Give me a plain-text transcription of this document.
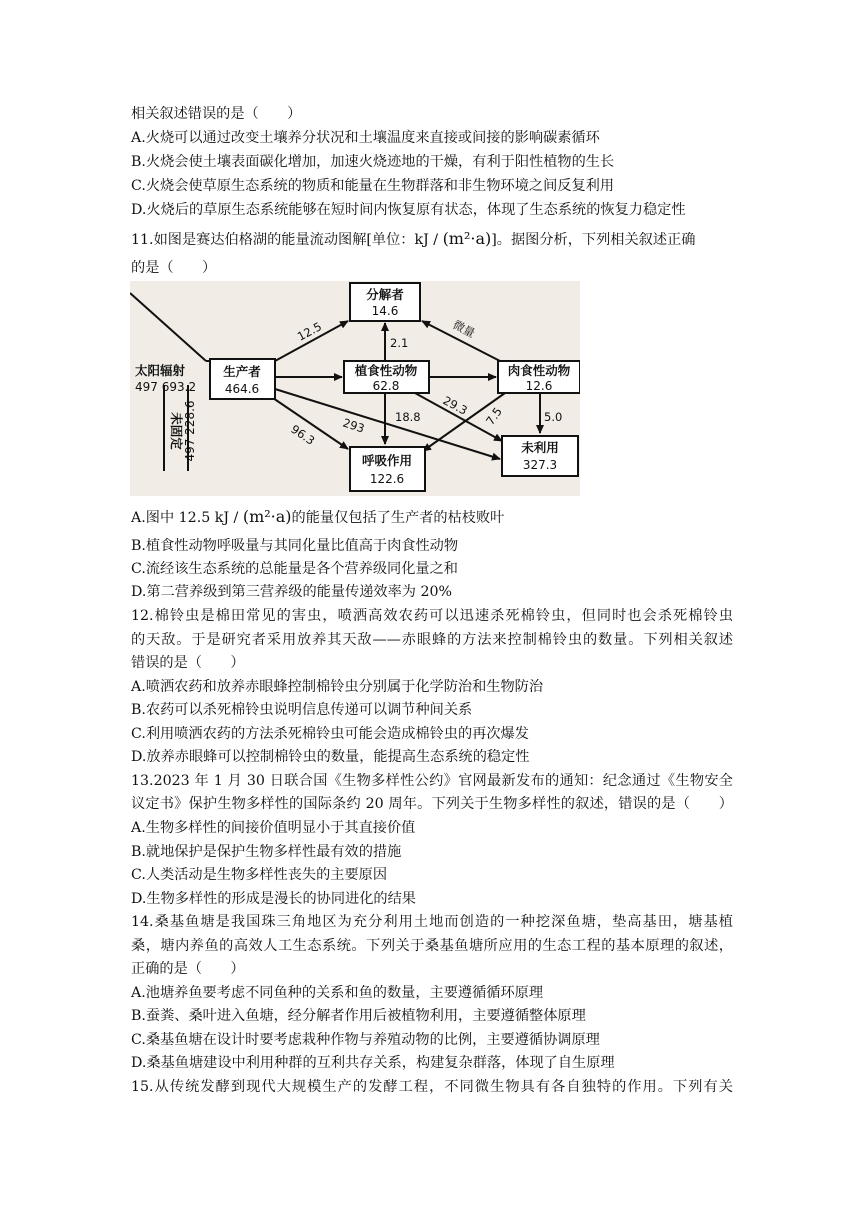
相关叙述错误的是（　　）
A.火烧可以通过改变土壤养分状况和土壤温度来直接或间接的影响碳素循环
B.火烧会使土壤表面碳化增加，加速火烧迹地的干燥，有利于阳性植物的生长
C.火烧会使草原生态系统的物质和能量在生物群落和非生物环境之间反复利用
D.火烧后的草原生态系统能够在短时间内恢复原有状态，体现了生态系统的恢复力稳定性
11.如图是赛达伯格湖的能量流动图解[单位：kJ / (m²·a)]。据图分析，下列相关叙述正确
的是（　　）
分解者
14.6
生产者
464.6
植食性动物
62.8
肉食性动物
12.6
呼吸作用
122.6
未利用
327.3
太阳辐射
497 693.2
未固定 497 228.6
12.5	2.1
微量
96.3 293 18.8 29.3 7.5	5.0
A.图中 12.5 kJ / (m²·a)的能量仅包括了生产者的枯枝败叶
B.植食性动物呼吸量与其同化量比值高于肉食性动物
C.流经该生态系统的总能量是各个营养级同化量之和
D.第二营养级到第三营养级的能量传递效率为 20%
12.棉铃虫是棉田常见的害虫，喷洒高效农药可以迅速杀死棉铃虫，但同时也会杀死棉铃虫
的天敌。于是研究者采用放养其天敌——赤眼蜂的方法来控制棉铃虫的数量。下列相关叙述
错误的是（　　）
A.喷洒农药和放养赤眼蜂控制棉铃虫分别属于化学防治和生物防治
B.农药可以杀死棉铃虫说明信息传递可以调节种间关系
C.利用喷洒农药的方法杀死棉铃虫可能会造成棉铃虫的再次爆发
D.放养赤眼蜂可以控制棉铃虫的数量，能提高生态系统的稳定性
13.2023 年 1 月 30 日联合国《生物多样性公约》官网最新发布的通知：纪念通过《生物安全
议定书》保护生物多样性的国际条约 20 周年。下列关于生物多样性的叙述，错误的是（　　）
A.生物多样性的间接价值明显小于其直接价值
B.就地保护是保护生物多样性最有效的措施
C.人类活动是生物多样性丧失的主要原因
D.生物多样性的形成是漫长的协同进化的结果
14.桑基鱼塘是我国珠三角地区为充分利用土地而创造的一种挖深鱼塘，垫高基田，塘基植
桑，塘内养鱼的高效人工生态系统。下列关于桑基鱼塘所应用的生态工程的基本原理的叙述，
正确的是（　　）
A.池塘养鱼要考虑不同鱼种的关系和鱼的数量，主要遵循循环原理
B.蚕粪、桑叶进入鱼塘，经分解者作用后被植物利用，主要遵循整体原理
C.桑基鱼塘在设计时要考虑栽种作物与养殖动物的比例，主要遵循协调原理
D.桑基鱼塘建设中利用种群的互利共存关系，构建复杂群落，体现了自生原理
15.从传统发酵到现代大规模生产的发酵工程，不同微生物具有各自独特的作用。下列有关
